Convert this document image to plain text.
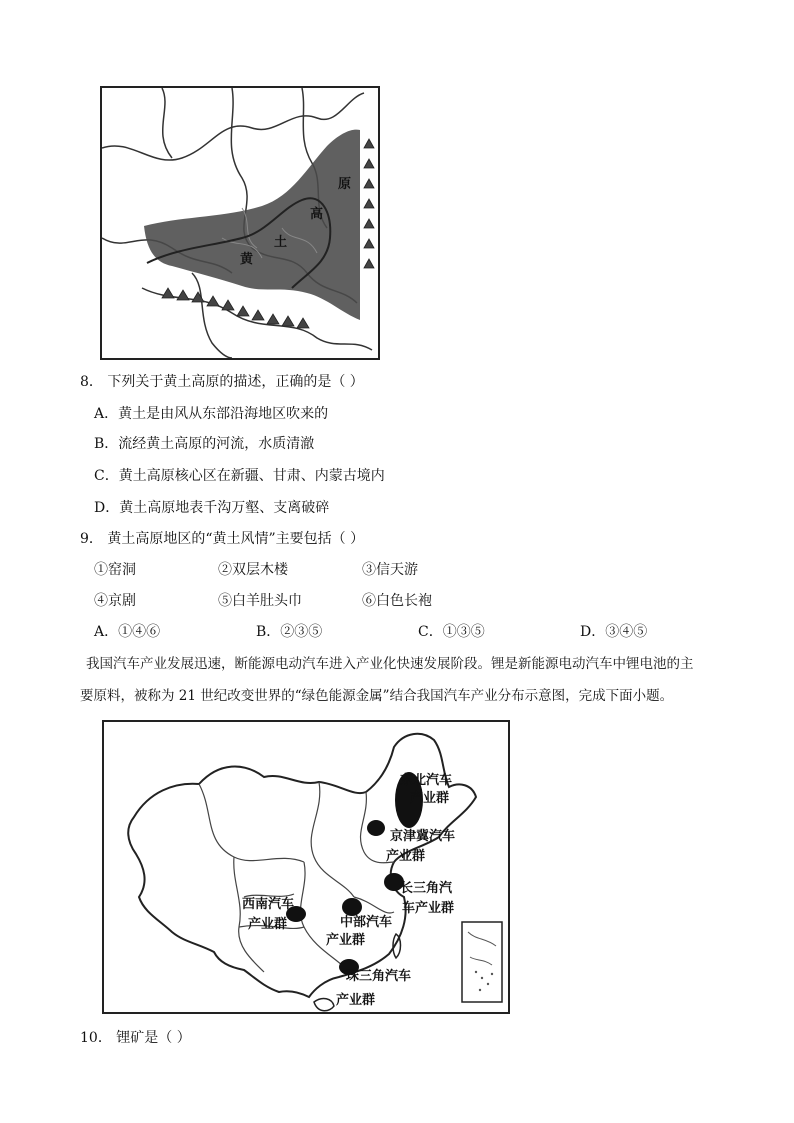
黄
土
高
原
8． 下列关于黄土高原的描述，正确的是（ ）
A．黄土是由风从东部沿海地区吹来的
B．流经黄土高原的河流，水质清澈
C．黄土高原核心区在新疆、甘肃、内蒙古境内
D．黄土高原地表千沟万壑、支离破碎
9． 黄土高原地区的“黄土风情”主要包括（ ）
①窑洞	②双层木楼	③信天游
④京剧	⑤白羊肚头巾	⑥白色长袍
A．①④⑥	B．②③⑤	C．①③⑤	D．③④⑤
我国汽车产业发展迅速，断能源电动汽车进入产业化快速发展阶段。锂是新能源电动汽车中锂电池的主
要原料，被称为 21 世纪改变世界的“绿色能源金属”结合我国汽车产业分布示意图，完成下面小题。
东北汽车
产业群
京津冀汽车
产业群
长三角汽
车产业群
西南汽车
产业群	中部汽车
产业群
珠三角汽车
产业群
10． 锂矿是（ ）
